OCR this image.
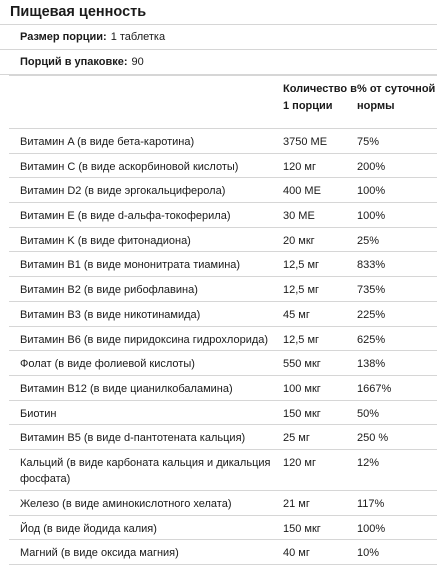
Пищевая ценность
Размер порции: 1 таблетка
Порций в упаковке: 90
	Количество в 1 порции	% от суточной нормы
Витамин A (в виде бета-каротина)	3750 МЕ	75%
Витамин C (в виде аскорбиновой кислоты)	120 мг	200%
Витамин D2 (в виде эргокальциферола)	400 МЕ	100%
Витамин E (в виде d-альфа-токоферила)	30 МЕ	100%
Витамин K (в виде фитонадиона)	20 мкг	25%
Витамин B1 (в виде мононитрата тиамина)	12,5 мг	833%
Витамин B2 (в виде рибофлавина)	12,5 мг	735%
Витамин B3 (в виде никотинамида)	45 мг	225%
Витамин B6 (в виде пиридоксина гидрохлорида)	12,5 мг	625%
Фолат (в виде фолиевой кислоты)	550 мкг	138%
Витамин B12 (в виде цианилкобаламина)	100 мкг	1667%
Биотин	150 мкг	50%
Витамин B5 (в виде d-пантотената кальция)	25 мг	250 %
Кальций (в виде карбоната кальция и дикальция фосфата)	120 мг	12%
Железо (в виде аминокислотного хелата)	21 мг	117%
Йод (в виде йодида калия)	150 мкг	100%
Магний (в виде оксида магния)	40 мг	10%
